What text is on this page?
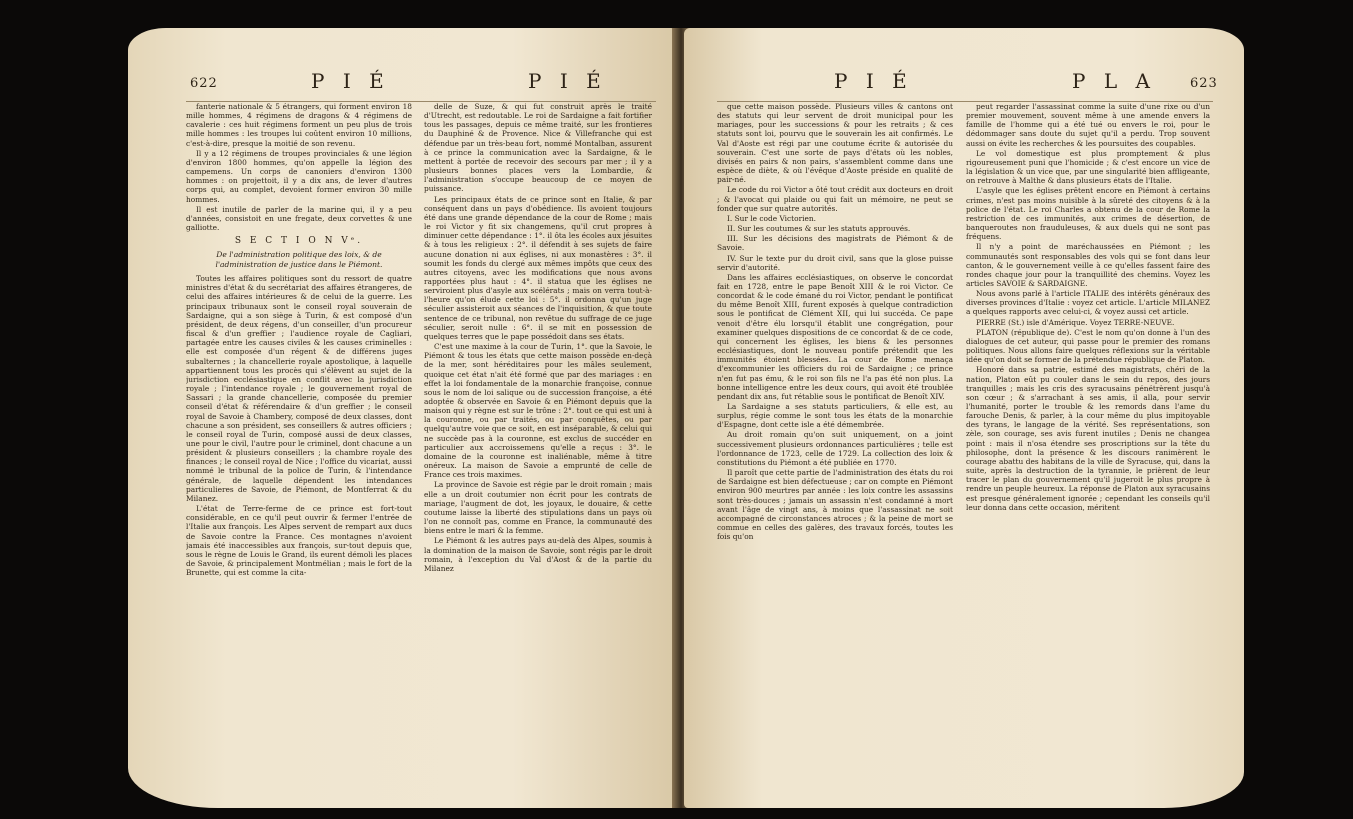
622	P I É	P I É

fanterie nationale & 5 étrangers, qui forment environ 18 mille hommes, 4 régimens de dragons & 4 régimens de cavalerie : ces huit régimens forment un peu plus de trois mille hommes : les troupes lui coûtent environ 10 millions, c'est-à-dire, presque la moitié de son revenu.

Il y a 12 régimens de troupes provinciales & une légion d'environ 1800 hommes, qu'on appelle la légion des campemens. Un corps de canoniers d'environ 1300 hommes : on projettoit, il y a dix ans, de lever d'autres corps qui, au complet, devoient former environ 30 mille hommes.

Il est inutile de parler de la marine qui, il y a peu d'années, consistoit en une fregate, deux corvettes & une galliotte.

S E C T I O N Vᵉ.
De l'administration politique des loix, & de l'administration de justice dans le Piémont.

Toutes les affaires politiques sont du ressort de quatre ministres d'état & du secrétariat des affaires étrangeres, de celui des affaires intérieures & de celui de la guerre. Les principaux tribunaux sont le conseil royal souverain de Sardaigne, qui a son siège à Turin, & est composé d'un président, de deux régens, d'un conseiller, d'un procureur fiscal & d'un greffier ; l'audience royale de Cagliari, partagée entre les causes civiles & les causes criminelles : elle est composée d'un régent & de différens juges subalternes ; la chancellerie royale apostolique, à laquelle appartiennent tous les procès qui s'élèvent au sujet de la jurisdiction ecclésiastique en conflit avec la jurisdiction royale ; l'intendance royale ; le gouvernement royal de Sassari ; la grande chancellerie, composée du premier conseil d'état & référendaire & d'un greffier ; le conseil royal de Savoie à Chambery, composé de deux classes, dont chacune a son président, ses conseillers & autres officiers ; le conseil royal de Turin, composé aussi de deux classes, une pour le civil, l'autre pour le criminel, dont chacune a un président & plusieurs conseillers ; la chambre royale des finances ; le conseil royal de Nice ; l'office du vicariat, aussi nommé le tribunal de la police de Turin, & l'intendance générale, de laquelle dépendent les intendances particulieres de Savoie, de Piémont, de Montferrat & du Milanez.

L'état de Terre-ferme de ce prince est fort-tout considérable, en ce qu'il peut ouvrir & fermer l'entrée de l'Italie aux françois. Les Alpes servent de rempart aux ducs de Savoie contre la France. Ces montagnes n'avoient jamais été inaccessibles aux françois, sur-tout depuis que, sous le règne de Louis le Grand, ils eurent démoli les places de Savoie, & principalement Montmélian ; mais le fort de la Brunette, qui est comme la cita-

delle de Suze, & qui fut construit après le traité d'Utrecht, est redoutable. Le roi de Sardaigne a fait fortifier tous les passages, depuis ce même traité, sur les frontieres du Dauphiné & de Provence. Nice & Villefranche qui est défendue par un très-beau fort, nommé Montalban, assurent à ce prince la communication avec la Sardaigne, & le mettent à portée de recevoir des secours par mer ; il y a plusieurs bonnes places vers la Lombardie, & l'administration s'occupe beaucoup de ce moyen de puissance.

Les principaux états de ce prince sont en Italie, & par conséquent dans un pays d'obédience. Ils avoient toujours été dans une grande dépendance de la cour de Rome ; mais le roi Victor y fit six changemens, qu'il crut propres à diminuer cette dépendance : 1°. il ôta les écoles aux jésuites & à tous les religieux : 2°. il défendit à ses sujets de faire aucune donation ni aux églises, ni aux monastères : 3°. il soumit les fonds du clergé aux mêmes impôts que ceux des autres citoyens, avec les modifications que nous avons rapportées plus haut : 4°. il statua que les églises ne serviroient plus d'asyle aux scélérats ; mais on verra tout-à-l'heure qu'on élude cette loi : 5°. il ordonna qu'un juge séculier assisteroit aux séances de l'inquisition, & que toute sentence de ce tribunal, non revêtue du suffrage de ce juge séculier, seroit nulle : 6°. il se mit en possession de quelques terres que le pape possédoit dans ses états.

C'est une maxime à la cour de Turin, 1°. que la Savoie, le Piémont & tous les états que cette maison possède en-deçà de la mer, sont héréditaires pour les mâles seulement, quoique cet état n'ait été formé que par des mariages : en effet la loi fondamentale de la monarchie françoise, connue sous le nom de loi salique ou de succession françoise, a été adoptée & observée en Savoie & en Piémont depuis que la maison qui y règne est sur le trône : 2°. tout ce qui est uni à la couronne, ou par traités, ou par conquêtes, ou par quelqu'autre voie que ce soit, en est inséparable, & celui qui ne succède pas à la couronne, est exclus de succéder en particulier aux accroissemens qu'elle a reçus : 3°. le domaine de la couronne est inaliénable, même à titre onéreux. La maison de Savoie a emprunté de celle de France ces trois maximes.

La province de Savoie est régie par le droit romain ; mais elle a un droit coutumier non écrit pour les contrats de mariage, l'augment de dot, les joyaux, le douaire, & cette coutume laisse la liberté des stipulations dans un pays où l'on ne connoît pas, comme en France, la communauté des biens entre le mari & la femme.

Le Piémont & les autres pays au-delà des Alpes, soumis à la domination de la maison de Savoie, sont régis par le droit romain, à l'exception du Val d'Aost & de la partie du Milanez

P I É	P L A	623

que cette maison possède. Plusieurs villes & cantons ont des statuts qui leur servent de droit municipal pour les mariages, pour les successions & pour les retraits ; & ces statuts sont loi, pourvu que le souverain les ait confirmés. Le Val d'Aoste est régi par une coutume écrite & autorisée du souverain. C'est une sorte de pays d'états où les nobles, divisés en pairs & non pairs, s'assemblent comme dans une espèce de diète, & où l'évêque d'Aoste préside en qualité de pair-né.

Le code du roi Victor a ôté tout crédit aux docteurs en droit ; & l'avocat qui plaide ou qui fait un mémoire, ne peut se fonder que sur quatre autorités.

I. Sur le code Victorien.

II. Sur les coutumes & sur les statuts approuvés.

III. Sur les décisions des magistrats de Piémont & de Savoie.

IV. Sur le texte pur du droit civil, sans que la glose puisse servir d'autorité.

Dans les affaires ecclésiastiques, on observe le concordat fait en 1728, entre le pape Benoît XIII & le roi Victor. Ce concordat & le code émané du roi Victor, pendant le pontificat du même Benoît XIII, furent exposés à quelque contradiction sous le pontificat de Clément XII, qui lui succéda. Ce pape venoit d'être élu lorsqu'il établit une congrégation, pour examiner quelques dispositions de ce concordat & de ce code, qui concernent les églises, les biens & les personnes ecclésiastiques, dont le nouveau pontife prétendit que les immunités étoient blessées. La cour de Rome menaça d'excommunier les officiers du roi de Sardaigne ; ce prince n'en fut pas ému, & le roi son fils ne l'a pas été non plus. La bonne intelligence entre les deux cours, qui avoit été troublée pendant dix ans, fut rétablie sous le pontificat de Benoît XIV.

La Sardaigne a ses statuts particuliers, & elle est, au surplus, régie comme le sont tous les états de la monarchie d'Espagne, dont cette isle a été démembrée.

Au droit romain qu'on suit uniquement, on a joint successivement plusieurs ordonnances particulières ; telle est l'ordonnance de 1723, celle de 1729. La collection des loix & constitutions du Piémont a été publiée en 1770.

Il paroît que cette partie de l'administration des états du roi de Sardaigne est bien défectueuse ; car on compte en Piémont environ 900 meurtres par année : les loix contre les assassins sont très-douces ; jamais un assassin n'est condamné à mort avant l'âge de vingt ans, à moins que l'assassinat ne soit accompagné de circonstances atroces ; & la peine de mort se commue en celles des galères, des travaux forcés, toutes les fois qu'on

peut regarder l'assassinat comme la suite d'une rixe ou d'un premier mouvement, souvent même à une amende envers la famille de l'homme qui a été tué ou envers le roi, pour le dédommager sans doute du sujet qu'il a perdu. Trop souvent aussi on évite les recherches & les poursuites des coupables.

Le vol domestique est plus promptement & plus rigoureusement puni que l'homicide ; & c'est encore un vice de la législation & un vice que, par une singularité bien affligeante, on retrouve à Malthe & dans plusieurs états de l'Italie.

L'asyle que les églises prêtent encore en Piémont à certains crimes, n'est pas moins nuisible à la sûreté des citoyens & à la police de l'état. Le roi Charles a obtenu de la cour de Rome la restriction de ces immunités, aux crimes de désertion, de banqueroutes non frauduleuses, & aux duels qui ne sont pas fréquens.

Il n'y a point de maréchaussées en Piémont ; les communautés sont responsables des vols qui se font dans leur canton, & le gouvernement veille à ce qu'elles fassent faire des rondes chaque jour pour la tranquillité des chemins. Voyez les articles SAVOIE & SARDAIGNE.

Nous avons parlé à l'article ITALIE des intérêts généraux des diverses provinces d'Italie : voyez cet article. L'article MILANEZ a quelques rapports avec celui-ci, & voyez aussi cet article.

PIERRE (St.) isle d'Amérique. Voyez TERRE-NEUVE.

PLATON (république de). C'est le nom qu'on donne à l'un des dialogues de cet auteur, qui passe pour le premier des romans politiques. Nous allons faire quelques réflexions sur la véritable idée qu'on doit se former de la prétendue république de Platon.

Honoré dans sa patrie, estimé des magistrats, chéri de la nation, Platon eût pu couler dans le sein du repos, des jours tranquilles ; mais les cris des syracusains pénétrèrent jusqu'à son cœur ; & s'arrachant à ses amis, il alla, pour servir l'humanité, porter le trouble & les remords dans l'ame du farouche Denis, & parler, à la cour même du plus impitoyable des tyrans, le langage de la vérité. Ses représentations, son zèle, son courage, ses avis furent inutiles ; Denis ne changea point : mais il n'osa étendre ses proscriptions sur la tête du philosophe, dont la présence & les discours ranimèrent le courage abattu des habitans de la ville de Syracuse, qui, dans la suite, après la destruction de la tyrannie, le prièrent de leur tracer le plan du gouvernement qu'il jugeroit le plus propre à rendre un peuple heureux. La réponse de Platon aux syracusains est presque généralement ignorée ; cependant les conseils qu'il leur donna dans cette occasion, méritent
